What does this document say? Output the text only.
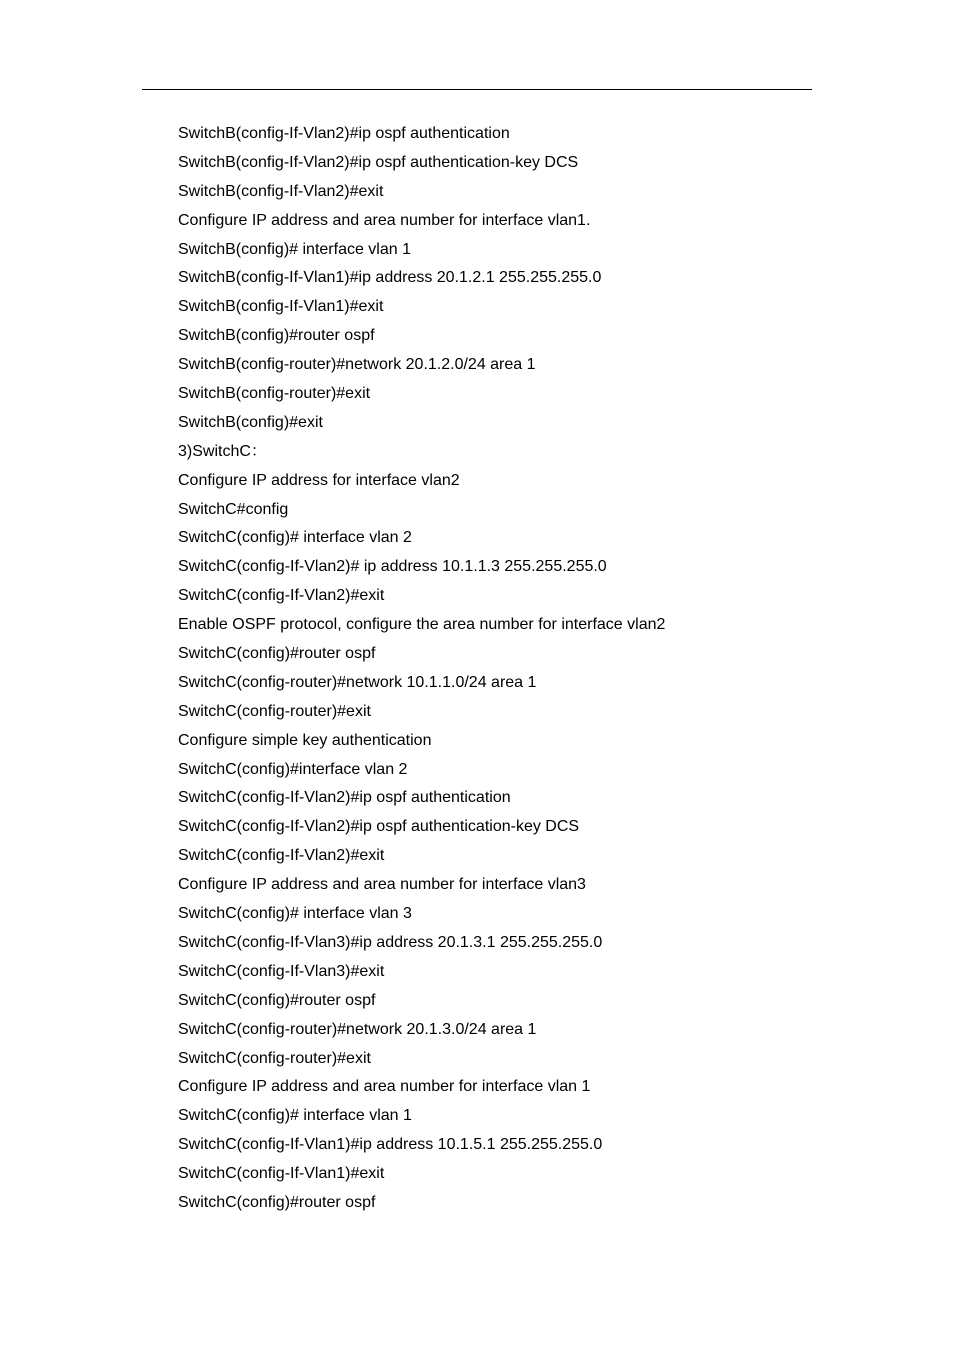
SwitchB(config-If-Vlan2)#ip ospf authentication
SwitchB(config-If-Vlan2)#ip ospf authentication-key DCS
SwitchB(config-If-Vlan2)#exit
Configure IP address and area number for interface vlan1.
SwitchB(config)# interface vlan 1
SwitchB(config-If-Vlan1)#ip address 20.1.2.1 255.255.255.0
SwitchB(config-If-Vlan1)#exit
SwitchB(config)#router ospf
SwitchB(config-router)#network 20.1.2.0/24 area 1
SwitchB(config-router)#exit
SwitchB(config)#exit
3)SwitchC：
Configure IP address for interface vlan2
SwitchC#config
SwitchC(config)# interface vlan 2
SwitchC(config-If-Vlan2)# ip address 10.1.1.3 255.255.255.0
SwitchC(config-If-Vlan2)#exit
Enable OSPF protocol, configure the area number for interface vlan2
SwitchC(config)#router ospf
SwitchC(config-router)#network 10.1.1.0/24 area 1
SwitchC(config-router)#exit
Configure simple key authentication
SwitchC(config)#interface vlan 2
SwitchC(config-If-Vlan2)#ip ospf authentication
SwitchC(config-If-Vlan2)#ip ospf authentication-key DCS
SwitchC(config-If-Vlan2)#exit
Configure IP address and area number for interface vlan3
SwitchC(config)# interface vlan 3
SwitchC(config-If-Vlan3)#ip address 20.1.3.1 255.255.255.0
SwitchC(config-If-Vlan3)#exit
SwitchC(config)#router ospf
SwitchC(config-router)#network 20.1.3.0/24 area 1
SwitchC(config-router)#exit
Configure IP address and area number for interface vlan 1
SwitchC(config)# interface vlan 1
SwitchC(config-If-Vlan1)#ip address 10.1.5.1 255.255.255.0
SwitchC(config-If-Vlan1)#exit
SwitchC(config)#router ospf
